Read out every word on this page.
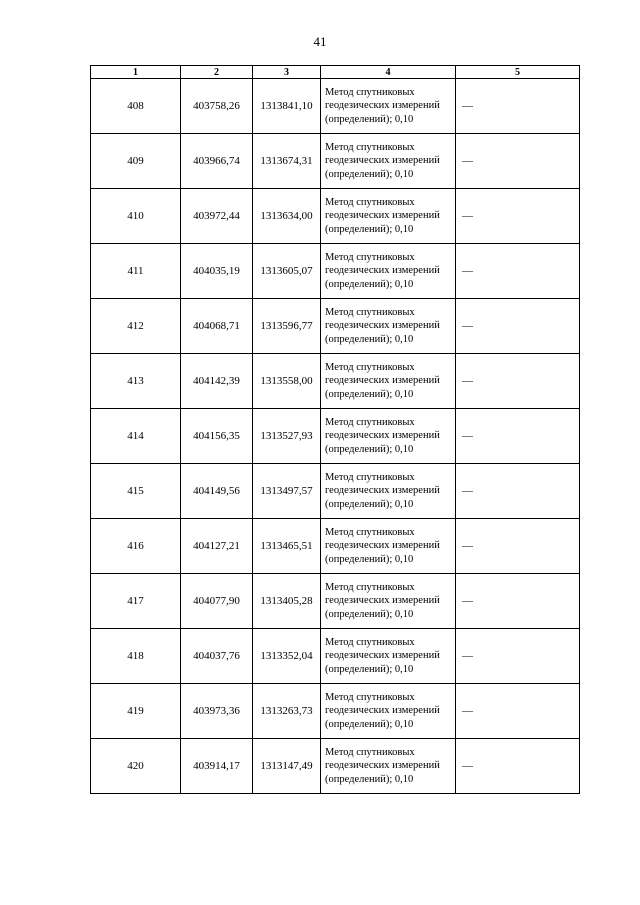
41
1	2	3	4	5
408	403758,26	1313841,10	Метод спутниковых геодезических измерений (определений); 0,10	—
409	403966,74	1313674,31	Метод спутниковых геодезических измерений (определений); 0,10	—
410	403972,44	1313634,00	Метод спутниковых геодезических измерений (определений); 0,10	—
411	404035,19	1313605,07	Метод спутниковых геодезических измерений (определений); 0,10	—
412	404068,71	1313596,77	Метод спутниковых геодезических измерений (определений); 0,10	—
413	404142,39	1313558,00	Метод спутниковых геодезических измерений (определений); 0,10	—
414	404156,35	1313527,93	Метод спутниковых геодезических измерений (определений); 0,10	—
415	404149,56	1313497,57	Метод спутниковых геодезических измерений (определений); 0,10	—
416	404127,21	1313465,51	Метод спутниковых геодезических измерений (определений); 0,10	—
417	404077,90	1313405,28	Метод спутниковых геодезических измерений (определений); 0,10	—
418	404037,76	1313352,04	Метод спутниковых геодезических измерений (определений); 0,10	—
419	403973,36	1313263,73	Метод спутниковых геодезических измерений (определений); 0,10	—
420	403914,17	1313147,49	Метод спутниковых геодезических измерений (определений); 0,10	—
